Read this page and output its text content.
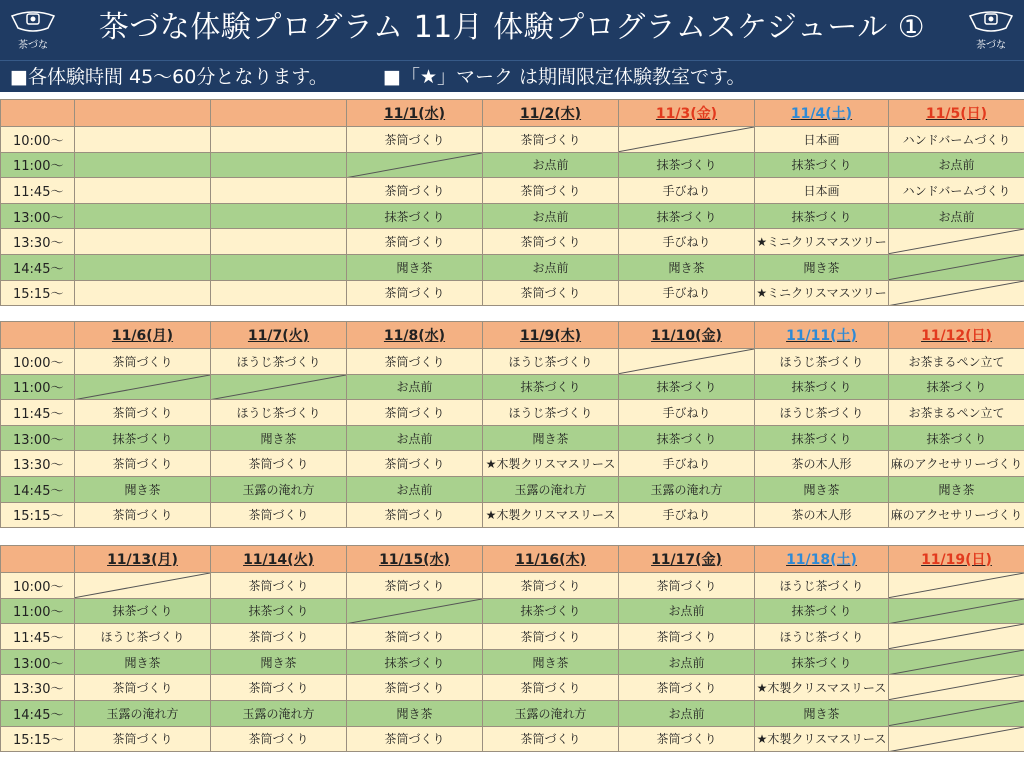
茶づな
茶づな体験プログラム 11月 体験プログラムスケジュール ①
茶づな
■各体験時間 45～60分となります。	■「★」マーク は期間限定体験教室です。
			11/1(水)	11/2(木)	11/3(金)	11/4(土)	11/5(日)
10:00～			茶筒づくり	茶筒づくり		日本画	ハンドバームづくり
11:00～				お点前	抹茶づくり	抹茶づくり	お点前
11:45～			茶筒づくり	茶筒づくり	手びねり	日本画	ハンドバームづくり
13:00～			抹茶づくり	お点前	抹茶づくり	抹茶づくり	お点前
13:30～			茶筒づくり	茶筒づくり	手びねり	★ミニクリスマスツリー	

14:45～			聞き茶	お点前	聞き茶	聞き茶	

15:15～			茶筒づくり	茶筒づくり	手びねり	★ミニクリスマスツリー	
	11/6(月)	11/7(火)	11/8(水)	11/9(木)	11/10(金)	11/11(土)	11/12(日)
10:00～	茶筒づくり	ほうじ茶づくり	茶筒づくり	ほうじ茶づくり		ほうじ茶づくり	お茶まるペン立て
11:00～			お点前	抹茶づくり	抹茶づくり	抹茶づくり	抹茶づくり
11:45～	茶筒づくり	ほうじ茶づくり	茶筒づくり	ほうじ茶づくり	手びねり	ほうじ茶づくり	お茶まるペン立て
13:00～	抹茶づくり	聞き茶	お点前	聞き茶	抹茶づくり	抹茶づくり	抹茶づくり
13:30～	茶筒づくり	茶筒づくり	茶筒づくり	★木製クリスマスリース	手びねり	茶の木人形	麻のアクセサリーづくり
14:45～	聞き茶	玉露の淹れ方	お点前	玉露の淹れ方	玉露の淹れ方	聞き茶	聞き茶
15:15～	茶筒づくり	茶筒づくり	茶筒づくり	★木製クリスマスリース	手びねり	茶の木人形	麻のアクセサリーづくり
	11/13(月)	11/14(火)	11/15(水)	11/16(木)	11/17(金)	11/18(土)	11/19(日)
10:00～		茶筒づくり	茶筒づくり	茶筒づくり	茶筒づくり	ほうじ茶づくり	

11:00～	抹茶づくり	抹茶づくり		抹茶づくり	お点前	抹茶づくり	

11:45～	ほうじ茶づくり	茶筒づくり	茶筒づくり	茶筒づくり	茶筒づくり	ほうじ茶づくり	

13:00～	聞き茶	聞き茶	抹茶づくり	聞き茶	お点前	抹茶づくり	

13:30～	茶筒づくり	茶筒づくり	茶筒づくり	茶筒づくり	茶筒づくり	★木製クリスマスリース	

14:45～	玉露の淹れ方	玉露の淹れ方	聞き茶	玉露の淹れ方	お点前	聞き茶	

15:15～	茶筒づくり	茶筒づくり	茶筒づくり	茶筒づくり	茶筒づくり	★木製クリスマスリース	
